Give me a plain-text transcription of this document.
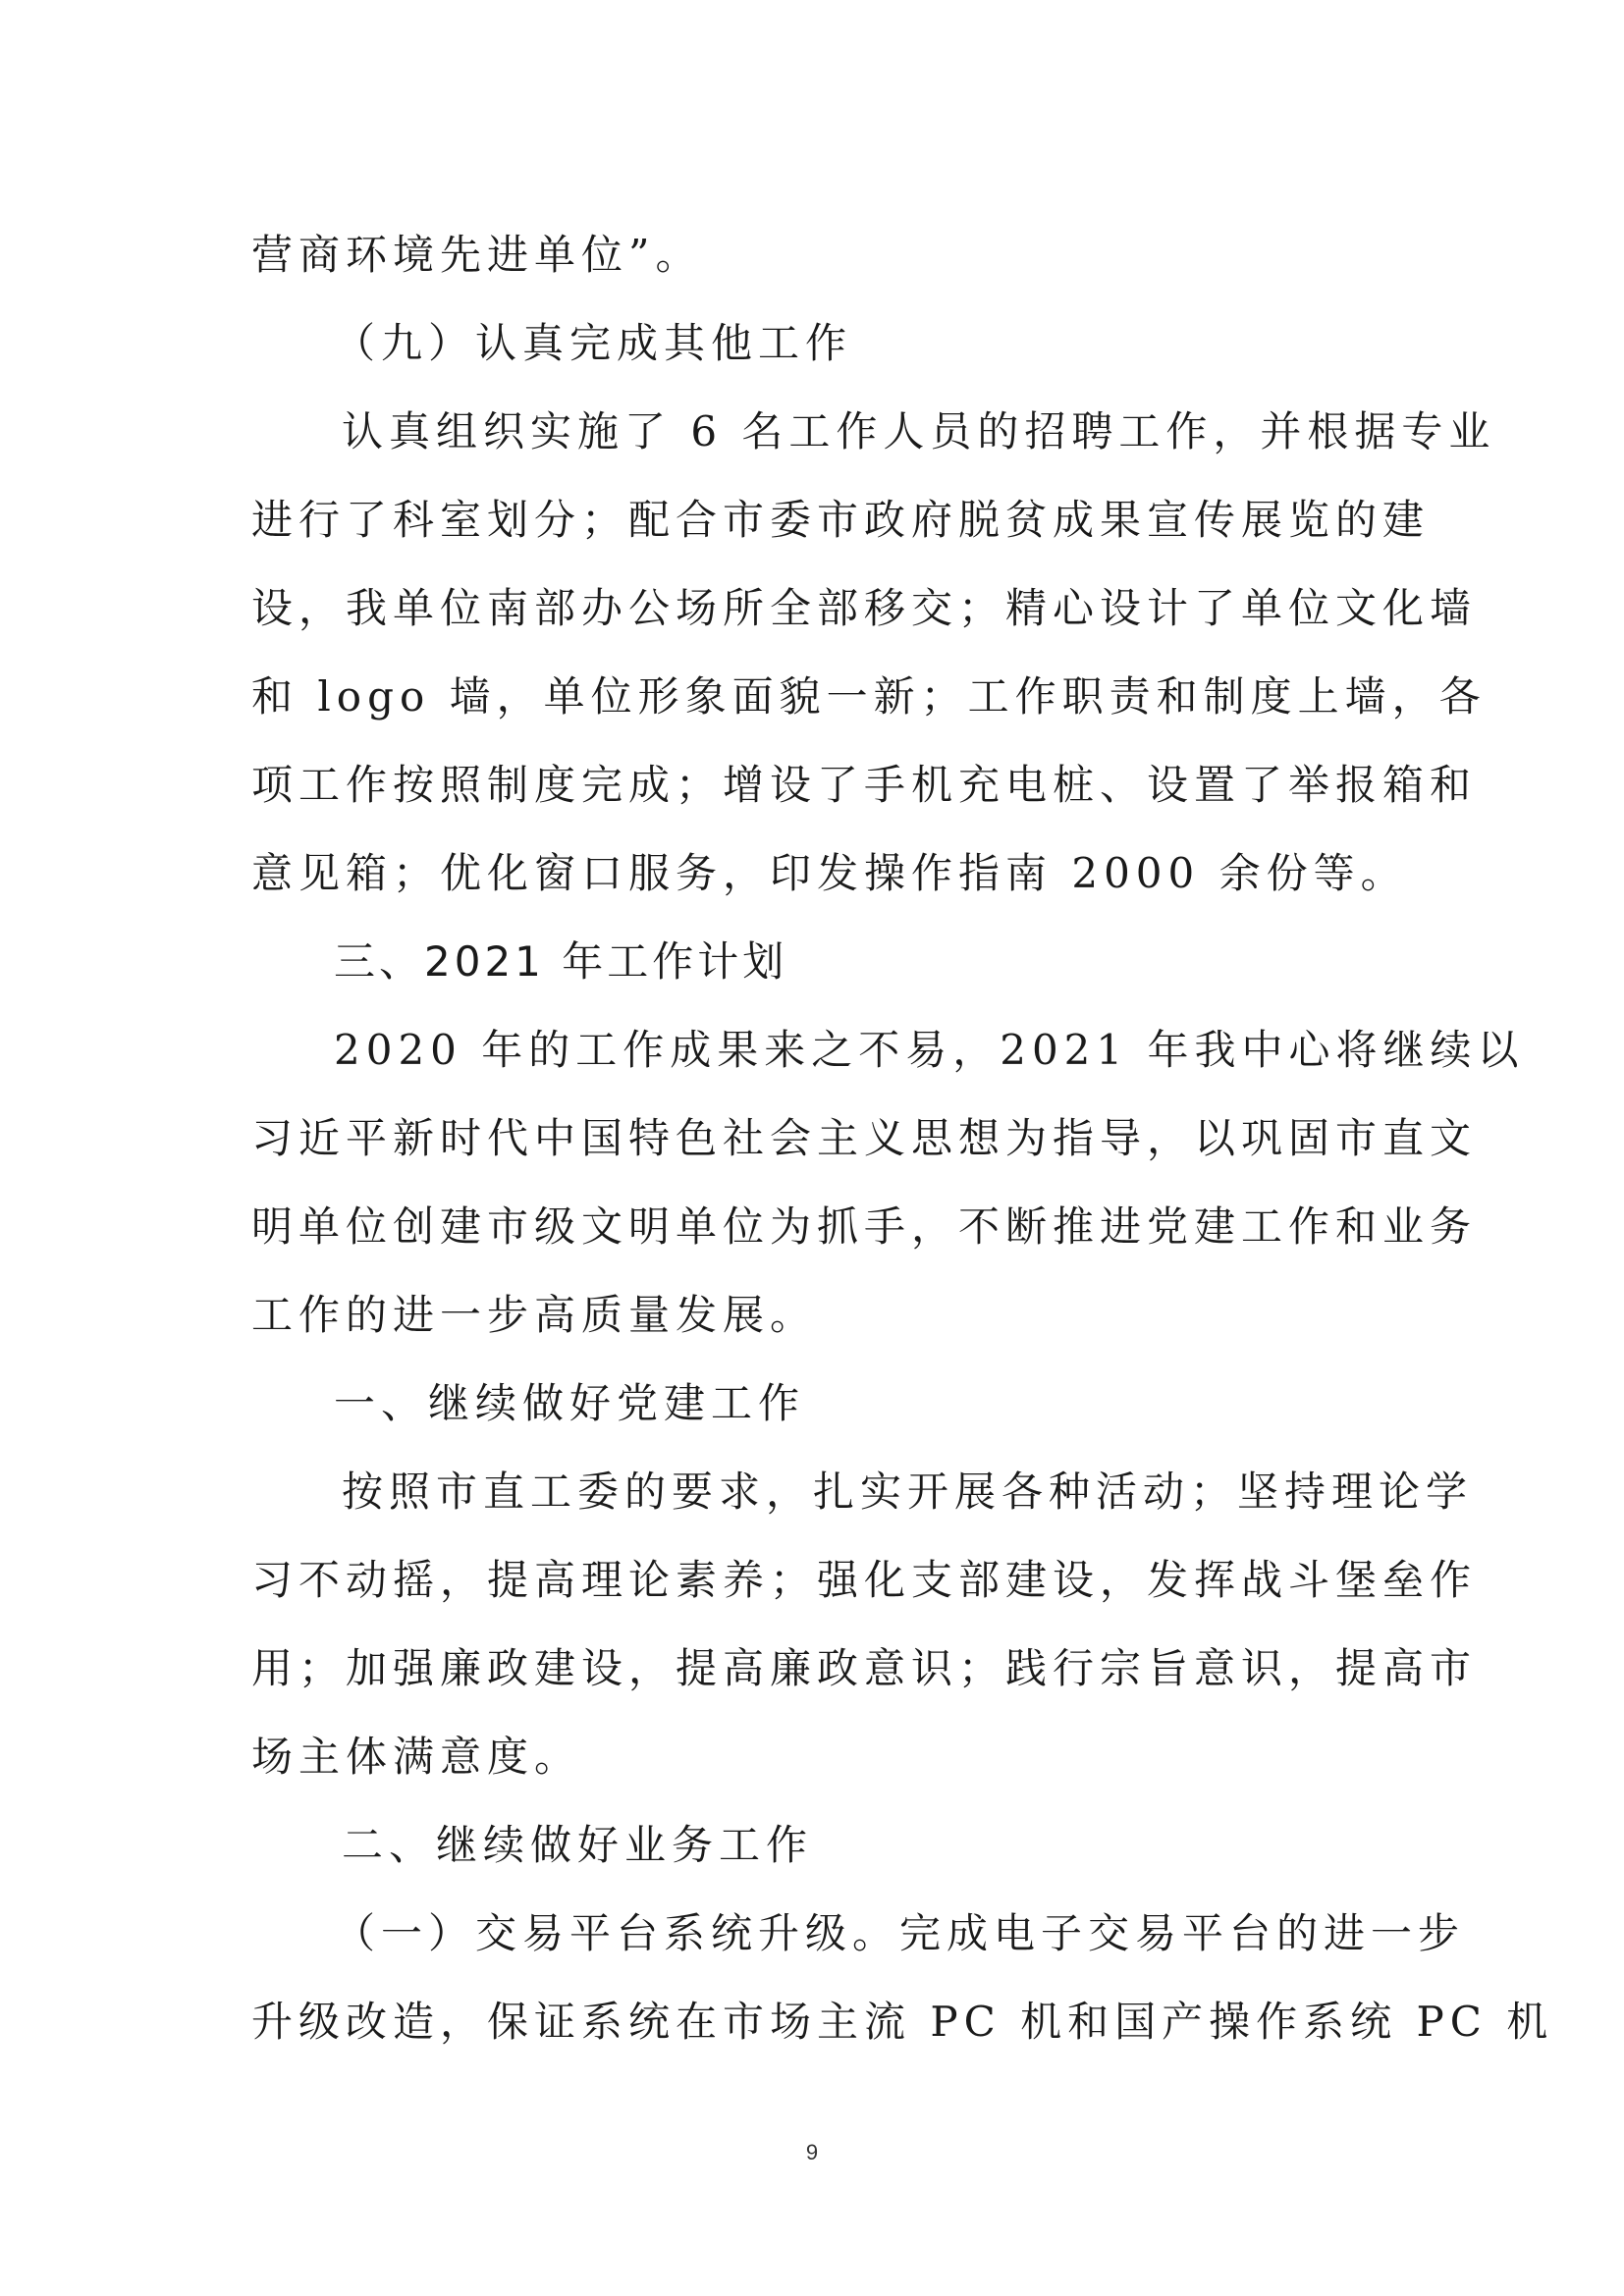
营商环境先进单位”。
（九）认真完成其他工作
认真组织实施了 6 名工作人员的招聘工作，并根据专业
进行了科室划分；配合市委市政府脱贫成果宣传展览的建
设，我单位南部办公场所全部移交；精心设计了单位文化墙
和 logo 墙，单位形象面貌一新；工作职责和制度上墙，各
项工作按照制度完成；增设了手机充电桩、设置了举报箱和
意见箱；优化窗口服务，印发操作指南 2000 余份等。
三、2021 年工作计划
2020 年的工作成果来之不易，2021 年我中心将继续以
习近平新时代中国特色社会主义思想为指导，以巩固市直文
明单位创建市级文明单位为抓手，不断推进党建工作和业务
工作的进一步高质量发展。
一、继续做好党建工作
按照市直工委的要求，扎实开展各种活动；坚持理论学
习不动摇，提高理论素养；强化支部建设，发挥战斗堡垒作
用；加强廉政建设，提高廉政意识；践行宗旨意识，提高市
场主体满意度。
二、继续做好业务工作
（一）交易平台系统升级。完成电子交易平台的进一步
升级改造，保证系统在市场主流 PC 机和国产操作系统 PC 机
9
